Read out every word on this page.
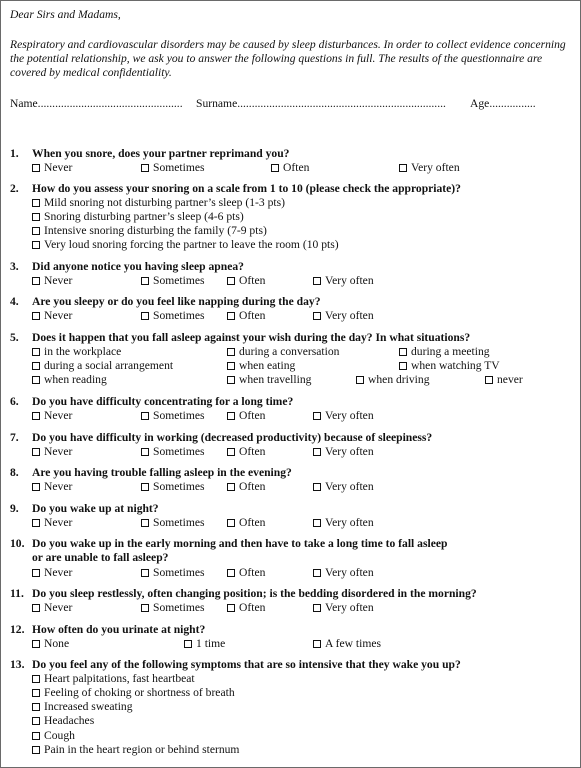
Dear Sirs and Madams,
Respiratory and cardiovascular disorders may be caused by sleep disturbances. In order to collect evidence concerning the potential relationship, we ask you to answer the following questions in full. The results of the questionnaire are covered by medical confidentiality.
Name.................................................. Surname........................................................................ Age................
1. When you snore, does your partner reprimand you?
Never	Sometimes	Often	Very often
2. How do you assess your snoring on a scale from 1 to 10 (please check the appropriate)?
Mild snoring not disturbing partner’s sleep (1-3 pts)
Snoring disturbing partner’s sleep (4-6 pts)
Intensive snoring disturbing the family (7-9 pts)
Very loud snoring forcing the partner to leave the room (10 pts)
3. Did anyone notice you having sleep apnea?
Never	Sometimes	Often	Very often
4. Are you sleepy or do you feel like napping during the day?
Never	Sometimes	Often	Very often
5. Does it happen that you fall asleep against your wish during the day? In what situations?
in the workplace	during a conversation	during a meeting
during a social arrangement	when eating	when watching TV
when reading	when travelling	when driving	never
6. Do you have difficulty concentrating for a long time?
Never	Sometimes	Often	Very often
7. Do you have difficulty in working (decreased productivity) because of sleepiness?
Never	Sometimes	Often	Very often
8. Are you having trouble falling asleep in the evening?
Never	Sometimes	Often	Very often
9. Do you wake up at night?
Never	Sometimes	Often	Very often
10. Do you wake up in the early morning and then have to take a long time to fall asleep
or are unable to fall asleep?
Never	Sometimes	Often	Very often
11. Do you sleep restlessly, often changing position; is the bedding disordered in the morning?
Never	Sometimes	Often	Very often
12. How often do you urinate at night?
None	1 time	A few times
13. Do you feel any of the following symptoms that are so intensive that they wake you up?
Heart palpitations, fast heartbeat
Feeling of choking or shortness of breath
Increased sweating
Headaches
Cough
Pain in the heart region or behind sternum
